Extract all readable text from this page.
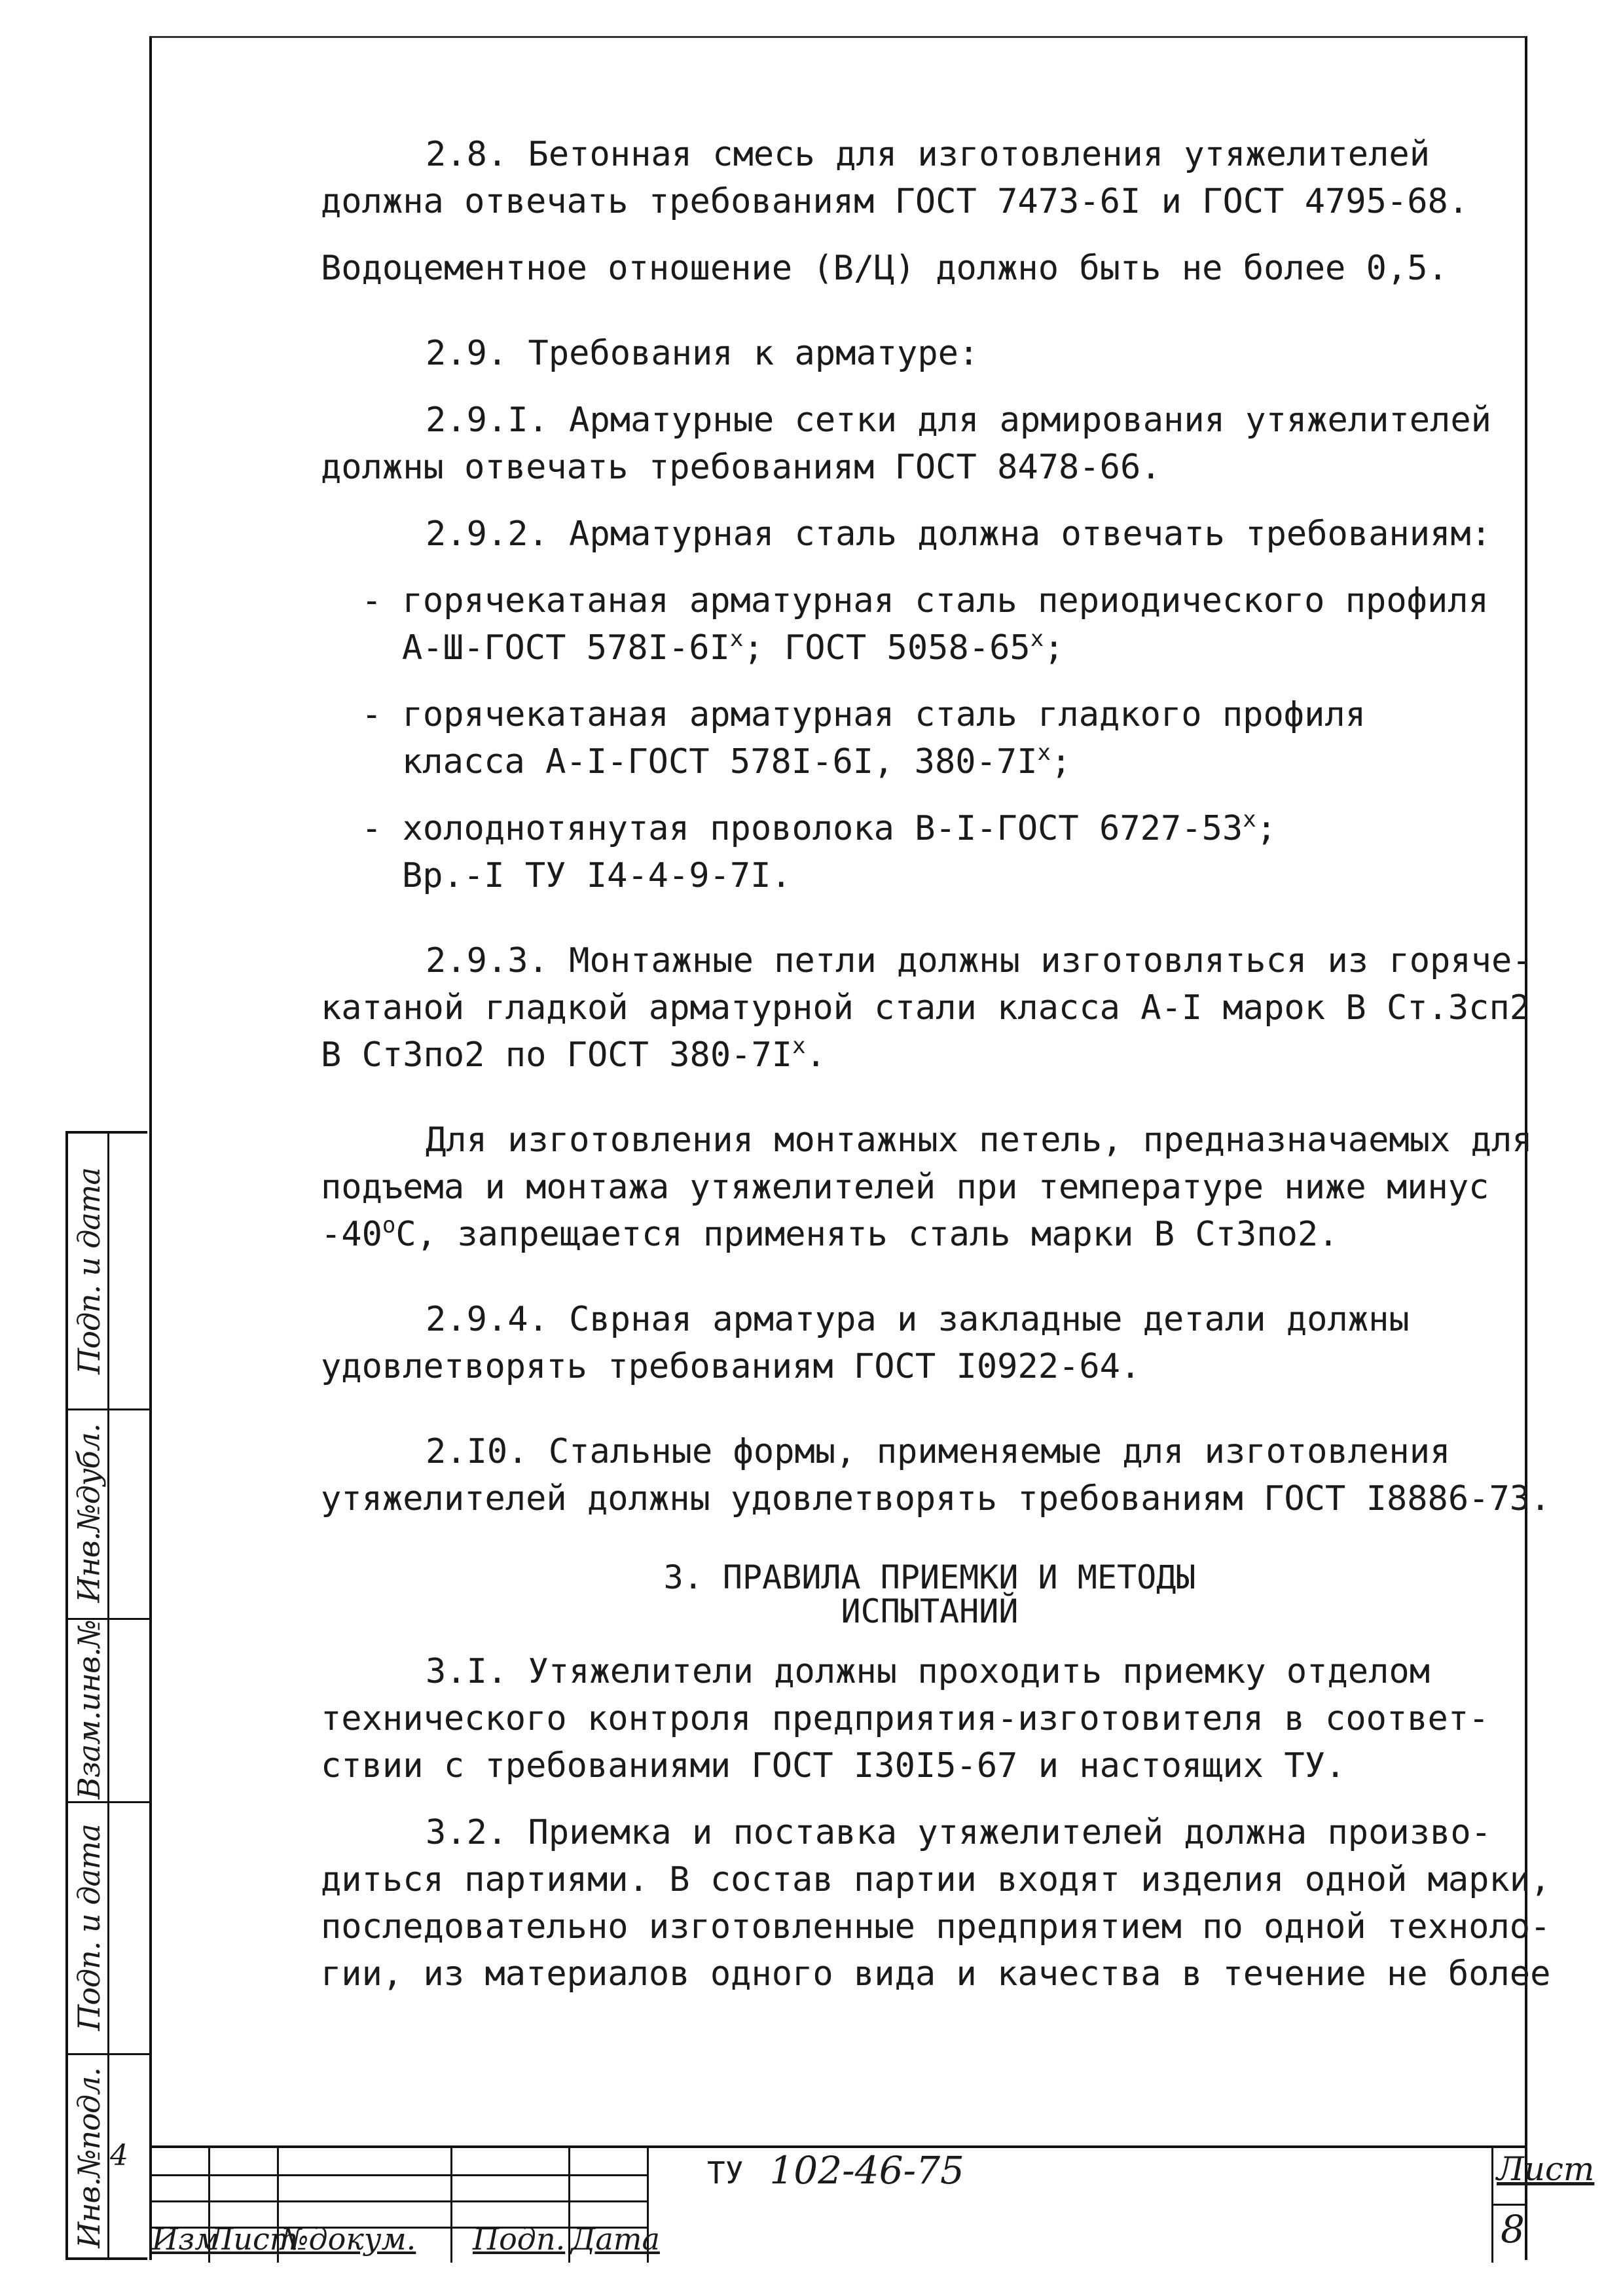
2.8. Бетонная смесь для изготовления утяжелителей

должна отвечать требованиям ГОСТ 7473-6I и ГОСТ 4795-68.

Водоцементное отношение (В/Ц) должно быть не более 0,5.

2.9. Требования к арматуре:

2.9.I. Арматурные сетки для армирования утяжелителей

должны отвечать требованиям ГОСТ 8478-66.

2.9.2. Арматурная сталь должна отвечать требованиям:

- горячекатаная арматурная сталь периодического профиля

А-Ш-ГОСТ $578I-6I^x$; ГОСТ 5058-65$^x$;

- горячекатаная арматурная сталь гладкого профиля

класса А-I-ГОСТ 578I-6I, $380-7I^x$;

- холоднотянутая проволока В-I-ГОСТ 6727-53$^x$;

Вр.-I ТУ I4-4-9-7I.

2.9.3. Монтажные петли должны изготовляться из горяче-

катаной гладкой арматурной стали класса А-I марок В Ст.3сп2

В Ст3по2 по ГОСТ $380-7I^x$.

Для изготовления монтажных петель, предназначаемых для

подъема и монтажа утяжелителей при температуре ниже минус

$-40^оС$, запрещается применять сталь марки В Ст3по2.

2.9.4. Свpная арматура и закладные детали должны

удовлетворять требованиям ГОСТ I0922-64.

2.I0. Стальные формы, применяемые для изготовления

утяжелителей должны удовлетворять требованиям ГОСТ I8886-73.

3. ПРАВИЛА ПРИЕМКИ И МЕТОДЫ

ИСПЫТАНИЙ

3.I. Утяжелители должны проходить приемку отделом

технического контроля предприятия-изготовителя в соответ-

ствии с требованиями ГОСТ I30I5-67 и настоящих ТУ.

3.2. Приемка и поставка утяжелителей должна произво-

диться партиями. В состав партии входят изделия одной марки,

последовательно изготовленные предприятием по одной техноло-

гии, из материалов одного вида и качества в течение не более

Подп. и дата
Инв.№дубл.
Взам.инв.№
Подп. и дата
Инв.№подл. 4	ТУ 102-46-75	Лист
8
Изм
Лист
№докум. Подп. Дата
